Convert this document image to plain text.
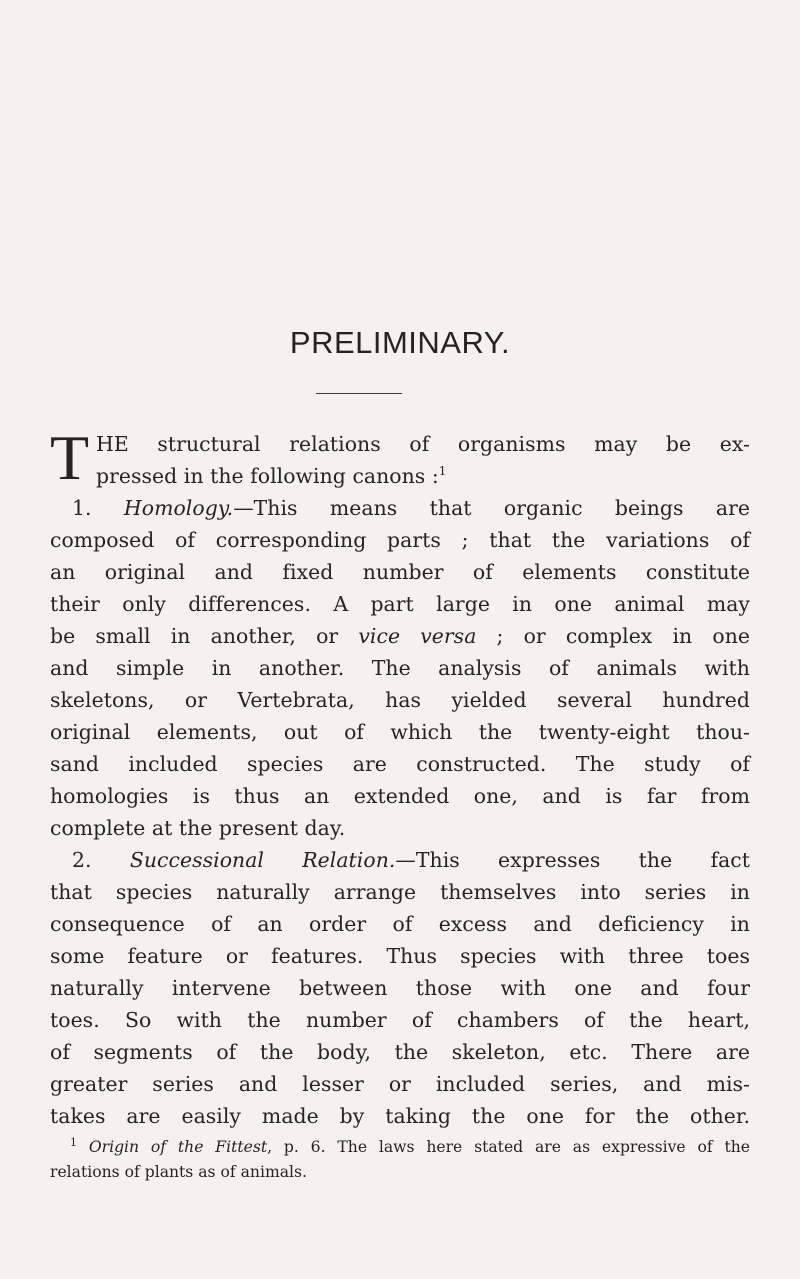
PRELIMINARY.
T HE structural relations of organisms may be ex-
pressed in the following canons :$^1$
1. Homology.—This means that organic beings are
composed of corresponding parts ; that the variations of
an original and fixed number of elements constitute
their only differences. A part large in one animal may
be small in another, or vice versa ; or complex in one
and simple in another. The analysis of animals with
skeletons, or Vertebrata, has yielded several hundred
original elements, out of which the twenty-eight thou-
sand included species are constructed. The study of
homologies is thus an extended one, and is far from
complete at the present day.
2. Successional Relation.—This expresses the fact
that species naturally arrange themselves into series in
consequence of an order of excess and deficiency in
some feature or features. Thus species with three toes
naturally intervene between those with one and four
toes. So with the number of chambers of the heart,
of segments of the body, the skeleton, etc. There are
greater series and lesser or included series, and mis-
takes are easily made by taking the one for the other.
$^1$ Origin of the Fittest, p. 6. The laws here stated are as expressive of the
relations of plants as of animals.
